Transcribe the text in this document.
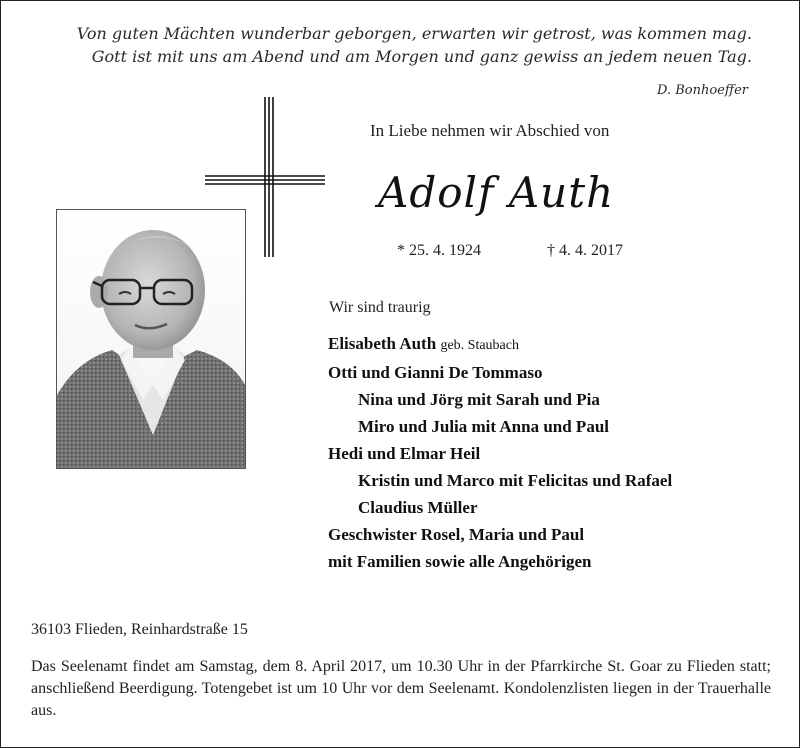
Von guten Mächten wunderbar geborgen, erwarten wir getrost, was kommen mag.
Gott ist mit uns am Abend und am Morgen und ganz gewiss an jedem neuen Tag.
D. Bonhoeffer
In Liebe nehmen wir Abschied von
Adolf Auth
* 25. 4. 1924	† 4. 4. 2017
Wir sind traurig
Elisabeth Auth geb. Staubach
Otti und Gianni De Tommaso
Nina und Jörg mit Sarah und Pia
Miro und Julia mit Anna und Paul
Hedi und Elmar Heil
Kristin und Marco mit Felicitas und Rafael
Claudius Müller
Geschwister Rosel, Maria und Paul
mit Familien sowie alle Angehörigen
36103 Flieden, Reinhardstraße 15
Das Seelenamt findet am Samstag, dem 8. April 2017, um 10.30 Uhr in der Pfarrkirche St. Goar zu Flieden statt; anschließend Beerdigung. Totengebet ist um 10 Uhr vor dem Seelenamt. Kondolenzlisten liegen in der Trauerhalle aus.
